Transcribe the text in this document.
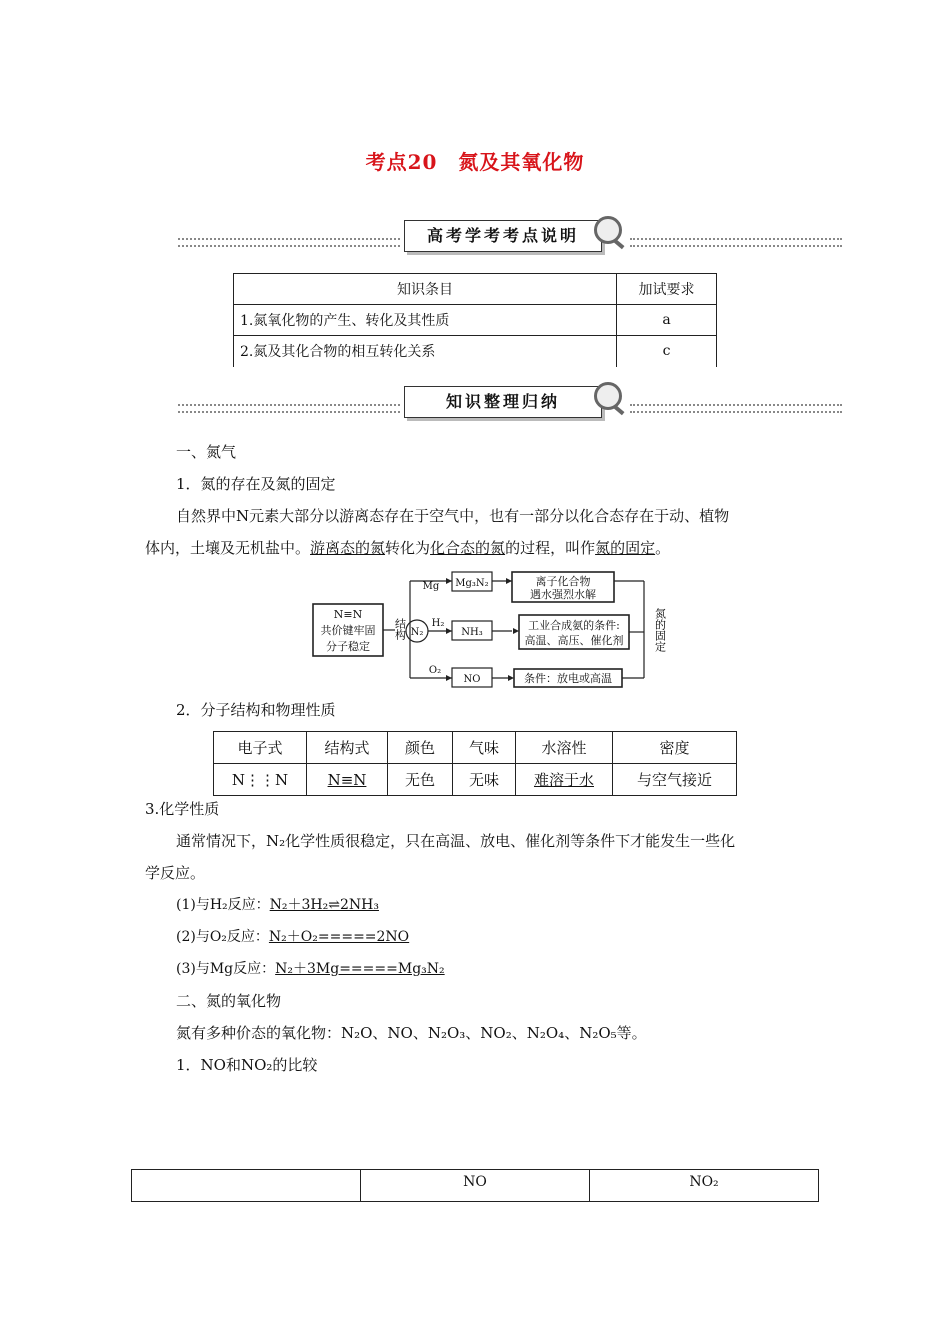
考点20　氮及其氧化物
高考学考考点说明
知识条目	加试要求
1.氮氧化物的产生、转化及其性质	a
2.氮及其化合物的相互转化关系	c
知识整理归纳
一、氮气
1．氮的存在及氮的固定
自然界中N元素大部分以游离态存在于空气中，也有一部分以化合态存在于动、植物
体内，土壤及无机盐中。游离态的氮转化为化合态的氮的过程，叫作氮的固定。
N≡N
共价键牢固
分子稳定
N₂
Mg
H₂
O₂
Mg₃N₂
NH₃
NO
离子化合物
遇水强烈水解
工业合成氨的条件:
高温、高压、催化剂
条件：放电或高温
结构	氮的固定
2．分子结构和物理性质
电子式	结构式	颜色	气味	水溶性	密度
N⋮⋮N	N≡N	无色	无味	难溶于水	与空气接近
3.化学性质
通常情况下，N₂化学性质很稳定，只在高温、放电、催化剂等条件下才能发生一些化
学反应。
(1)与H₂反应：N₂＋3H₂⇌2NH₃
(2)与O₂反应：N₂＋O₂=====2NO
(3)与Mg反应：N₂＋3Mg=====Mg₃N₂
二、氮的氧化物
氮有多种价态的氧化物：N₂O、NO、N₂O₃、NO₂、N₂O₄、N₂O₅等。
1．NO和NO₂的比较
	NO	NO₂
